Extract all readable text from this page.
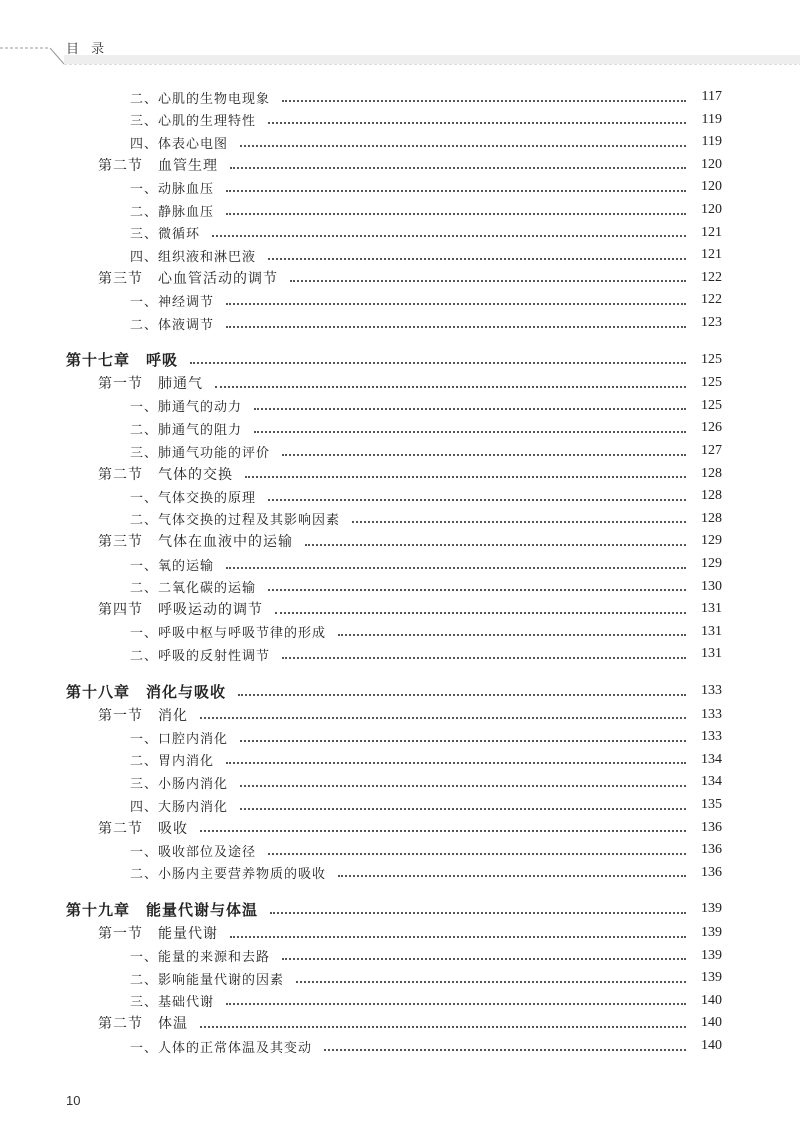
目 录
二、心肌的生物电现象	117
三、心肌的生理特性	119
四、体表心电图	119
第二节　血管生理	120
一、动脉血压	120
二、静脉血压	120
三、微循环	121
四、组织液和淋巴液	121
第三节　心血管活动的调节	122
一、神经调节	122
二、体液调节	123
第十七章　呼吸	125
第一节　肺通气	125
一、肺通气的动力	125
二、肺通气的阻力	126
三、肺通气功能的评价	127
第二节　气体的交换	128
一、气体交换的原理	128
二、气体交换的过程及其影响因素	128
第三节　气体在血液中的运输	129
一、氧的运输	129
二、二氧化碳的运输	130
第四节　呼吸运动的调节	131
一、呼吸中枢与呼吸节律的形成	131
二、呼吸的反射性调节	131
第十八章　消化与吸收	133
第一节　消化	133
一、口腔内消化	133
二、胃内消化	134
三、小肠内消化	134
四、大肠内消化	135
第二节　吸收	136
一、吸收部位及途径	136
二、小肠内主要营养物质的吸收	136
第十九章　能量代谢与体温	139
第一节　能量代谢	139
一、能量的来源和去路	139
二、影响能量代谢的因素	139
三、基础代谢	140
第二节　体温	140
一、人体的正常体温及其变动	140
10
